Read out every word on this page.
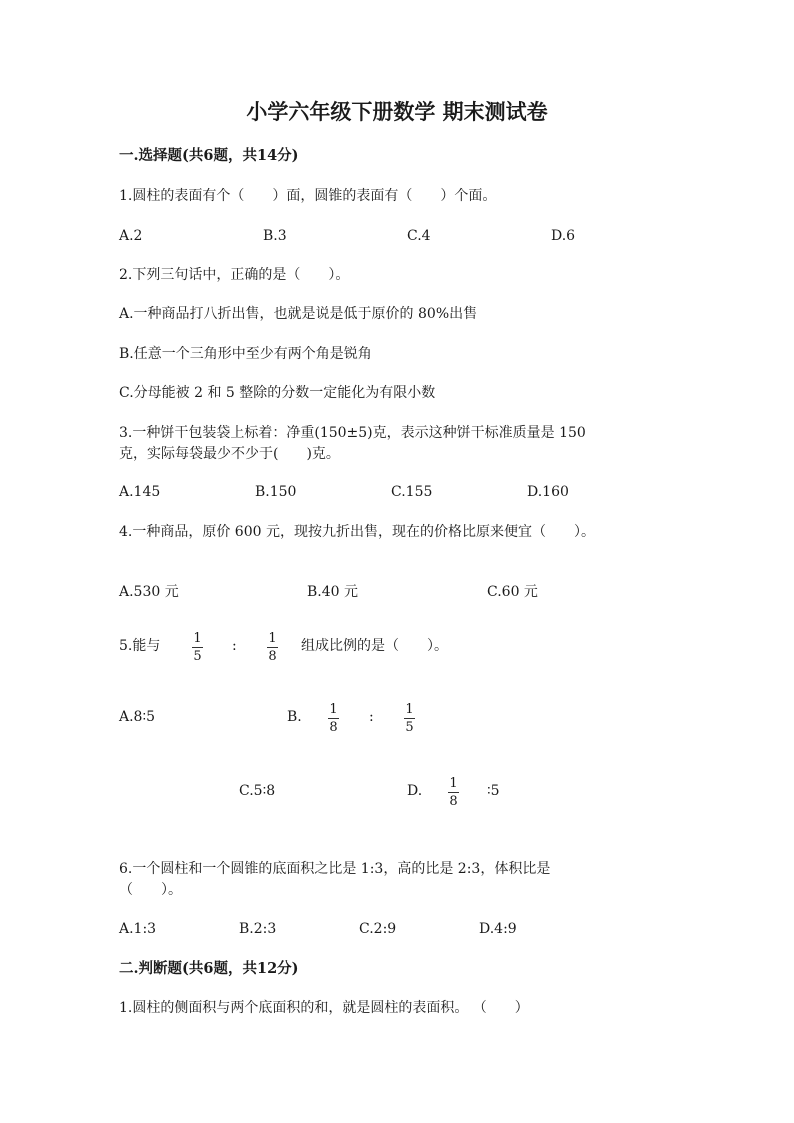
小学六年级下册数学 期末测试卷
一.选择题(共6题，共14分)
1.圆柱的表面有个（　　）面，圆锥的表面有（　　）个面。
A.2	B.3	C.4	D.6
2.下列三句话中，正确的是（　　）。
A.一种商品打八折出售，也就是说是低于原价的 80%出售
B.任意一个三角形中至少有两个角是锐角
C.分母能被 2 和 5 整除的分数一定能化为有限小数
3.一种饼干包装袋上标着：净重(150±5)克，表示这种饼干标准质量是 150
克，实际每袋最少不少于(　　)克。
A.145	B.150	C.155	D.160
4.一种商品，原价 600 元，现按九折出售，现在的价格比原来便宜（　　）。
A.530 元	B.40 元	C.60 元
5.能与	1
5
: 1
8
组成比例的是（　　）。
A.8∶5	B. 1
8
: 1
5
C.5∶8	D. 1
8
∶5
6.一个圆柱和一个圆锥的底面积之比是 1:3，高的比是 2:3，体积比是
（　　）。
A.1:3	B.2:3	C.2:9	D.4:9
二.判断题(共6题，共12分)
1.圆柱的侧面积与两个底面积的和，就是圆柱的表面积。 （　　）
